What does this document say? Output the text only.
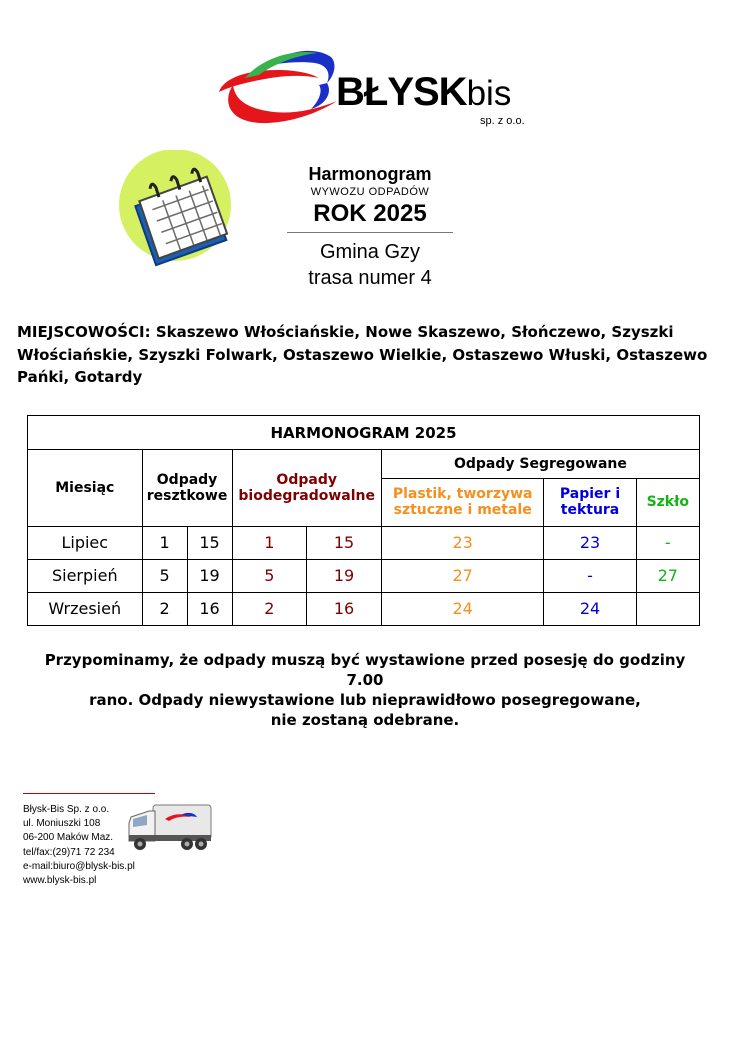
BŁYSKbis
sp. z o.o.
Harmonogram
WYWOZU ODPADÓW
ROK 2025
Gmina Gzy
trasa numer 4
MIEJSCOWOŚCI: Skaszewo Włościańskie, Nowe Skaszewo, Słończewo, Szyszki Włościańskie, Szyszki Folwark, Ostaszewo Wielkie, Ostaszewo Włuski, Ostaszewo Pańki, Gotardy
HARMONOGRAM 2025							
Miesiąc	Odpady resztkowe		Odpady biodegradowalne		Odpady Segregowane		
					Plastik, tworzywa sztuczne i metale	Papier i tektura	Szkło
Lipiec	1	15	1	15	23	23	-
Sierpień	5	19	5	19	27	-	27
Wrzesień	2	16	2	16	24	24	
Przypominamy, że odpady muszą być wystawione przed posesję do godziny 7.00
rano. Odpady niewystawione lub nieprawidłowo posegregowane,
nie zostaną odebrane.
Błysk-Bis Sp. z o.o.
ul. Moniuszki 108
06-200 Maków Maz.
tel/fax:(29)71 72 234
e-mail:biuro@blysk-bis.pl
www.blysk-bis.pl
